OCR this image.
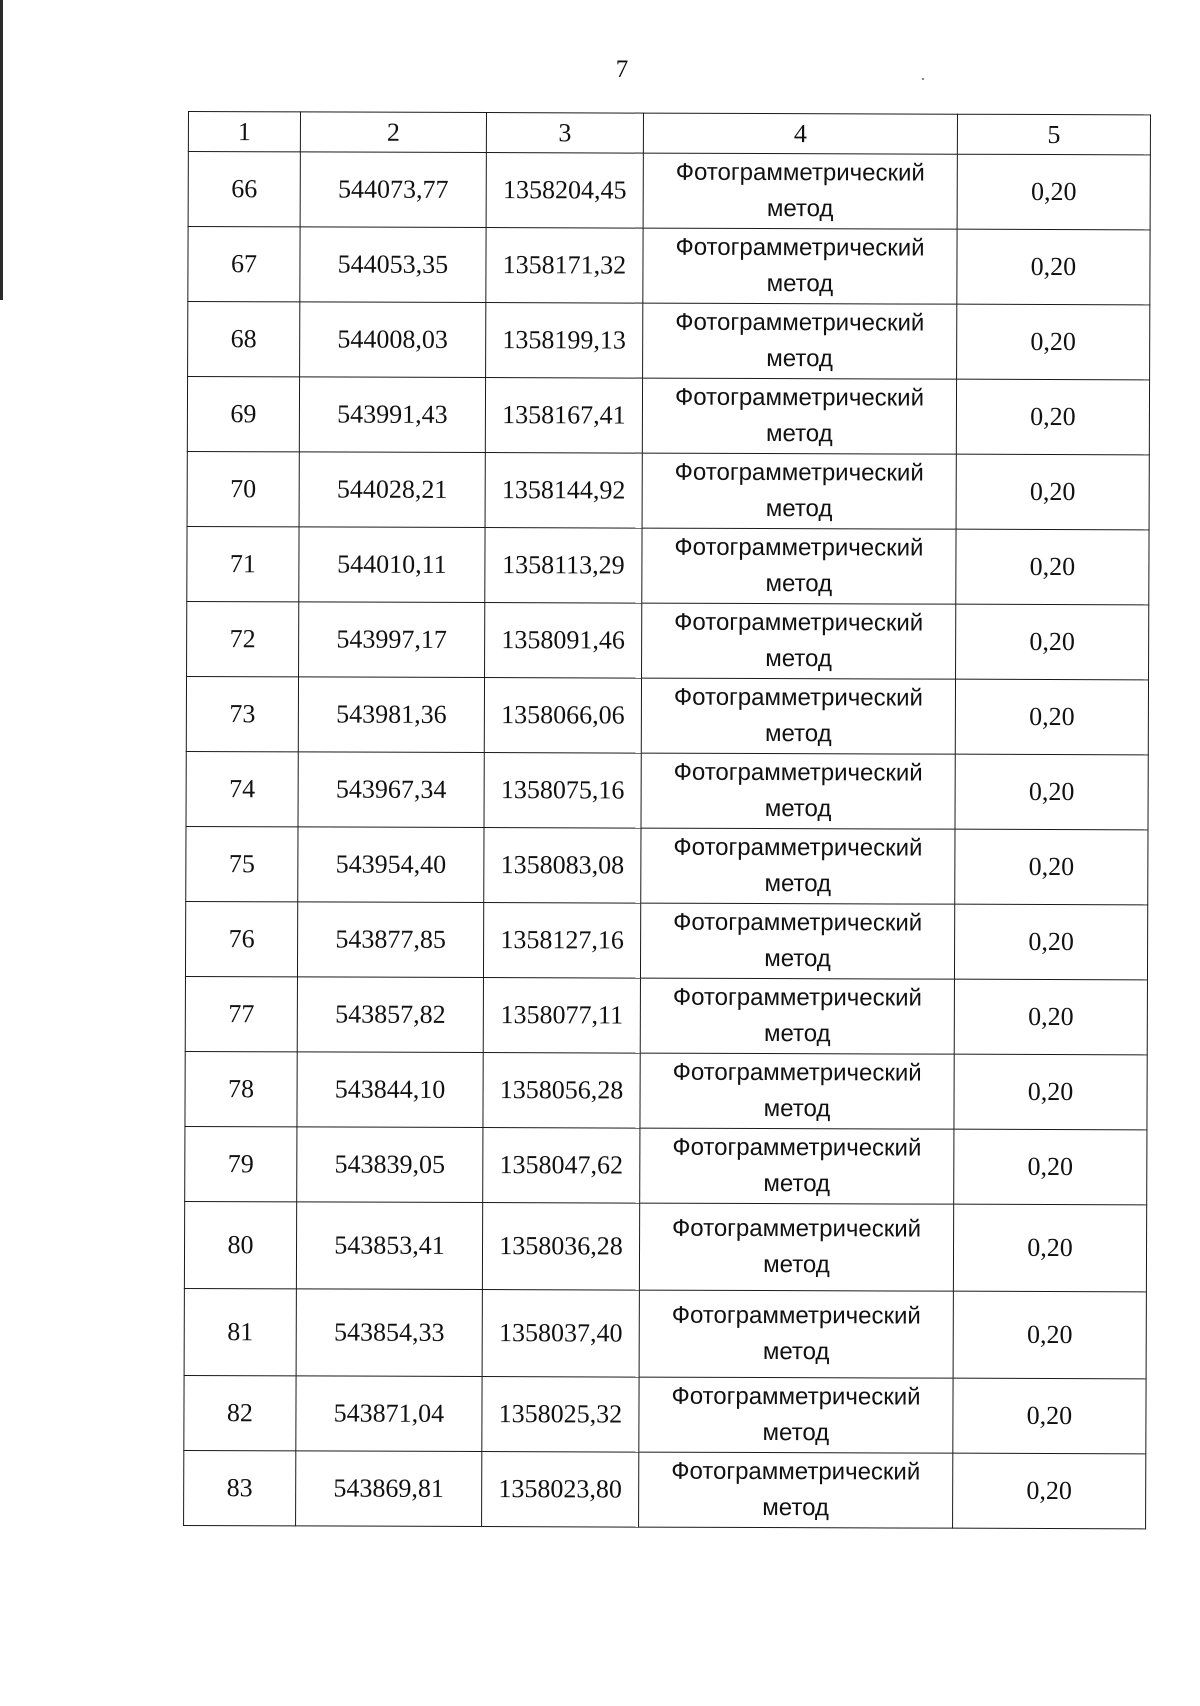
7
1	2	3	4	5
66	544073,77	1358204,45	Фотограмметрический
метод	0,20
67	544053,35	1358171,32	Фотограмметрический
метод	0,20
68	544008,03	1358199,13	Фотограмметрический
метод	0,20
69	543991,43	1358167,41	Фотограмметрический
метод	0,20
70	544028,21	1358144,92	Фотограмметрический
метод	0,20
71	544010,11	1358113,29	Фотограмметрический
метод	0,20
72	543997,17	1358091,46	Фотограмметрический
метод	0,20
73	543981,36	1358066,06	Фотограмметрический
метод	0,20
74	543967,34	1358075,16	Фотограмметрический
метод	0,20
75	543954,40	1358083,08	Фотограмметрический
метод	0,20
76	543877,85	1358127,16	Фотограмметрический
метод	0,20
77	543857,82	1358077,11	Фотограмметрический
метод	0,20
78	543844,10	1358056,28	Фотограмметрический
метод	0,20
79	543839,05	1358047,62	Фотограмметрический
метод	0,20
80	543853,41	1358036,28	Фотограмметрический
метод	0,20
81	543854,33	1358037,40	Фотограмметрический
метод	0,20
82	543871,04	1358025,32	Фотограмметрический
метод	0,20
83	543869,81	1358023,80	Фотограмметрический
метод	0,20
